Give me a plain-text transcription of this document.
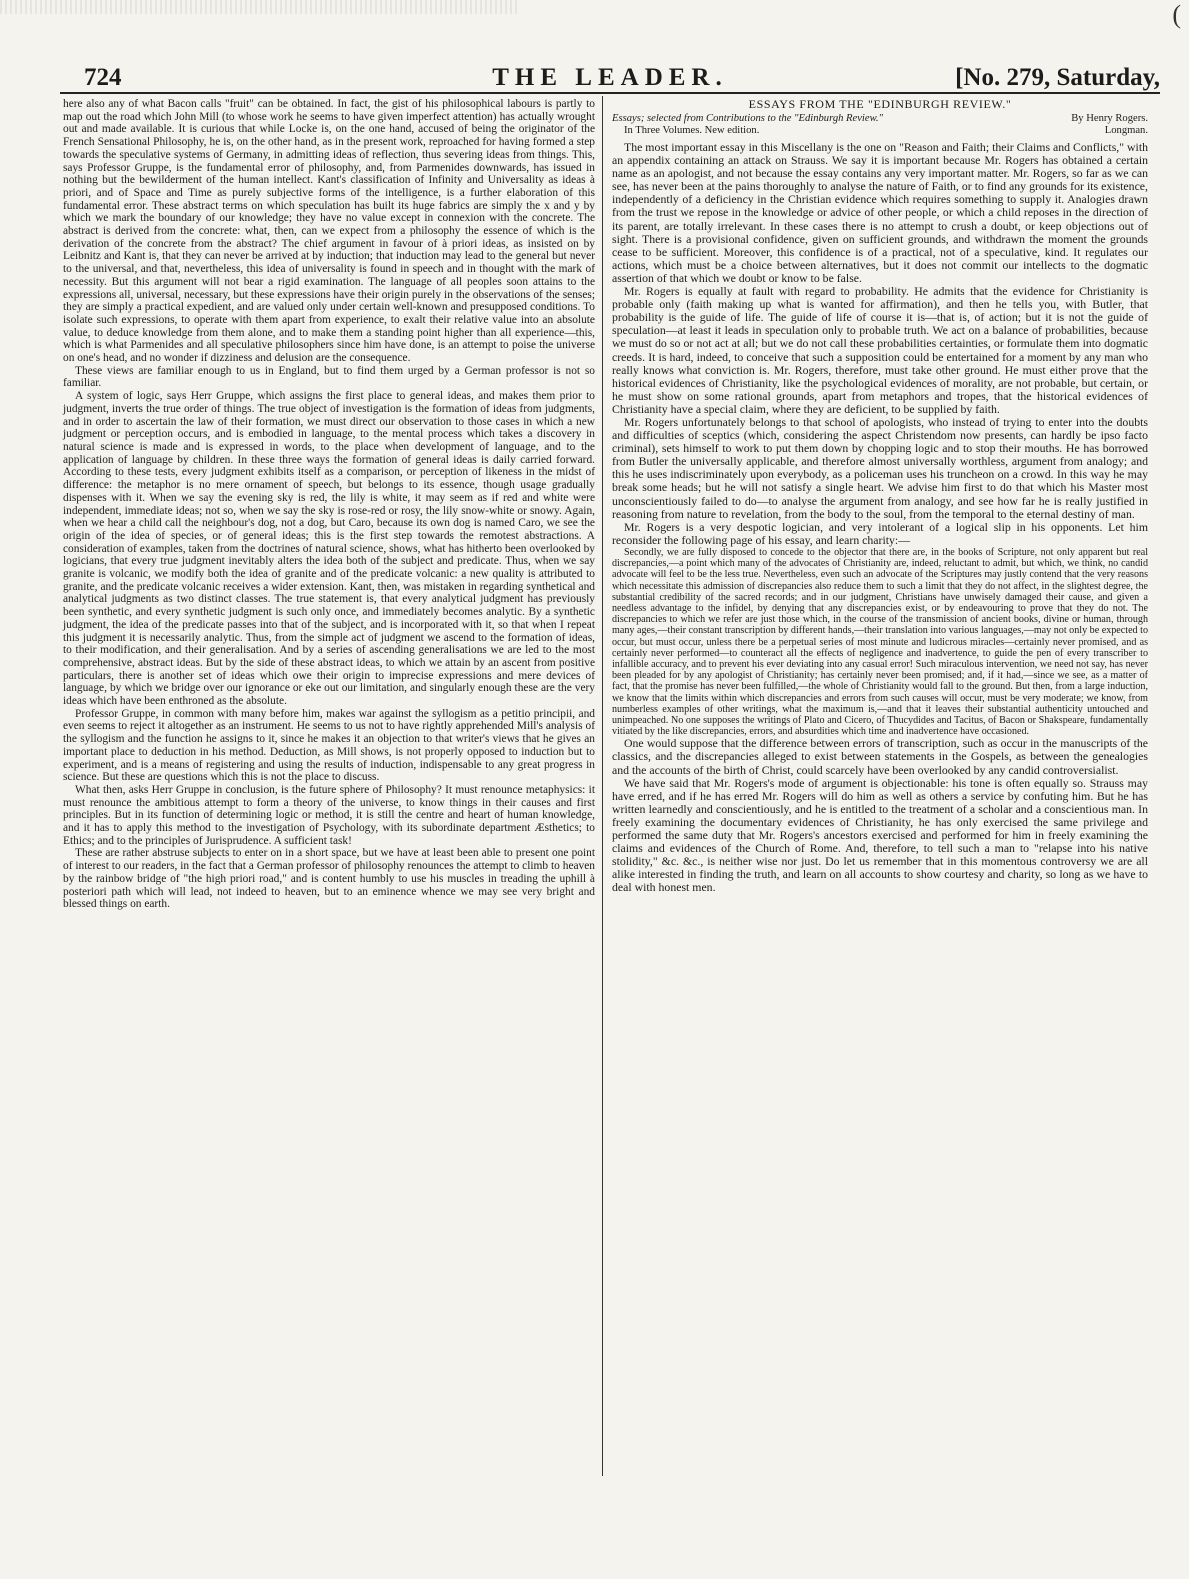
(
THE LEADER.
724	[No. 279, Saturday,

here also any of what Bacon calls "fruit" can be obtained. In fact, the gist of his philosophical labours is partly to map out the road which John Mill (to whose work he seems to have given imperfect attention) has actually wrought out and made available. It is curious that while Locke is, on the one hand, accused of being the originator of the French Sensational Philosophy, he is, on the other hand, as in the present work, reproached for having formed a step towards the speculative systems of Germany, in admitting ideas of reflection, thus severing ideas from things. This, says Professor Gruppe, is the fundamental error of philosophy, and, from Parmenides downwards, has issued in nothing but the bewilderment of the human intellect. Kant's classification of Infinity and Universality as ideas à priori, and of Space and Time as purely subjective forms of the intelligence, is a further elaboration of this fundamental error. These abstract terms on which speculation has built its huge fabrics are simply the x and y by which we mark the boundary of our knowledge; they have no value except in connexion with the concrete. The abstract is derived from the concrete: what, then, can we expect from a philosophy the essence of which is the derivation of the concrete from the abstract? The chief argument in favour of à priori ideas, as insisted on by Leibnitz and Kant is, that they can never be arrived at by induction; that induction may lead to the general but never to the universal, and that, nevertheless, this idea of universality is found in speech and in thought with the mark of necessity. But this argument will not bear a rigid examination. The language of all peoples soon attains to the expressions all, universal, necessary, but these expressions have their origin purely in the observations of the senses; they are simply a practical expedient, and are valued only under certain well-known and presupposed conditions. To isolate such expressions, to operate with them apart from experience, to exalt their relative value into an absolute value, to deduce knowledge from them alone, and to make them a standing point higher than all experience—this, which is what Parmenides and all speculative philosophers since him have done, is an attempt to poise the universe on one's head, and no wonder if dizziness and delusion are the consequence.

These views are familiar enough to us in England, but to find them urged by a German professor is not so familiar.

A system of logic, says Herr Gruppe, which assigns the first place to general ideas, and makes them prior to judgment, inverts the true order of things. The true object of investigation is the formation of ideas from judgments, and in order to ascertain the law of their formation, we must direct our observation to those cases in which a new judgment or perception occurs, and is embodied in language, to the mental process which takes a discovery in natural science is made and is expressed in words, to the place when development of language, and to the application of language by children. In these three ways the formation of general ideas is daily carried forward. According to these tests, every judgment exhibits itself as a comparison, or perception of likeness in the midst of difference: the metaphor is no mere ornament of speech, but belongs to its essence, though usage gradually dispenses with it. When we say the evening sky is red, the lily is white, it may seem as if red and white were independent, immediate ideas; not so, when we say the sky is rose-red or rosy, the lily snow-white or snowy. Again, when we hear a child call the neighbour's dog, not a dog, but Caro, because its own dog is named Caro, we see the origin of the idea of species, or of general ideas; this is the first step towards the remotest abstractions. A consideration of examples, taken from the doctrines of natural science, shows, what has hitherto been overlooked by logicians, that every true judgment inevitably alters the idea both of the subject and predicate. Thus, when we say granite is volcanic, we modify both the idea of granite and of the predicate volcanic: a new quality is attributed to granite, and the predicate volcanic receives a wider extension. Kant, then, was mistaken in regarding synthetical and analytical judgments as two distinct classes. The true statement is, that every analytical judgment has previously been synthetic, and every synthetic judgment is such only once, and immediately becomes analytic. By a synthetic judgment, the idea of the predicate passes into that of the subject, and is incorporated with it, so that when I repeat this judgment it is necessarily analytic. Thus, from the simple act of judgment we ascend to the formation of ideas, to their modification, and their generalisation. And by a series of ascending generalisations we are led to the most comprehensive, abstract ideas. But by the side of these abstract ideas, to which we attain by an ascent from positive particulars, there is another set of ideas which owe their origin to imprecise expressions and mere devices of language, by which we bridge over our ignorance or eke out our limitation, and singularly enough these are the very ideas which have been enthroned as the absolute.

Professor Gruppe, in common with many before him, makes war against the syllogism as a petitio principii, and even seems to reject it altogether as an instrument. He seems to us not to have rightly apprehended Mill's analysis of the syllogism and the function he assigns to it, since he makes it an objection to that writer's views that he gives an important place to deduction in his method. Deduction, as Mill shows, is not properly opposed to induction but to experiment, and is a means of registering and using the results of induction, indispensable to any great progress in science. But these are questions which this is not the place to discuss.

What then, asks Herr Gruppe in conclusion, is the future sphere of Philosophy? It must renounce metaphysics: it must renounce the ambitious attempt to form a theory of the universe, to know things in their causes and first principles. But in its function of determining logic or method, it is still the centre and heart of human knowledge, and it has to apply this method to the investigation of Psychology, with its subordinate department Æsthetics; to Ethics; and to the principles of Jurisprudence. A sufficient task!

These are rather abstruse subjects to enter on in a short space, but we have at least been able to present one point of interest to our readers, in the fact that a German professor of philosophy renounces the attempt to climb to heaven by the rainbow bridge of "the high priori road," and is content humbly to use his muscles in treading the uphill à posteriori path which will lead, not indeed to heaven, but to an eminence whence we may see very bright and blessed things on earth.

ESSAYS FROM THE "EDINBURGH REVIEW."
By Henry Rogers.
Essays; selected from Contributions to the "Edinburgh Review."
Longman.
In Three Volumes. New edition.

The most important essay in this Miscellany is the one on "Reason and Faith; their Claims and Conflicts," with an appendix containing an attack on Strauss. We say it is important because Mr. Rogers has obtained a certain name as an apologist, and not because the essay contains any very important matter. Mr. Rogers, so far as we can see, has never been at the pains thoroughly to analyse the nature of Faith, or to find any grounds for its existence, independently of a deficiency in the Christian evidence which requires something to supply it. Analogies drawn from the trust we repose in the knowledge or advice of other people, or which a child reposes in the direction of its parent, are totally irrelevant. In these cases there is no attempt to crush a doubt, or keep objections out of sight. There is a provisional confidence, given on sufficient grounds, and withdrawn the moment the grounds cease to be sufficient. Moreover, this confidence is of a practical, not of a speculative, kind. It regulates our actions, which must be a choice between alternatives, but it does not commit our intellects to the dogmatic assertion of that which we doubt or know to be false.

Mr. Rogers is equally at fault with regard to probability. He admits that the evidence for Christianity is probable only (faith making up what is wanted for affirmation), and then he tells you, with Butler, that probability is the guide of life. The guide of life of course it is—that is, of action; but it is not the guide of speculation—at least it leads in speculation only to probable truth. We act on a balance of probabilities, because we must do so or not act at all; but we do not call these probabilities certainties, or formulate them into dogmatic creeds. It is hard, indeed, to conceive that such a supposition could be entertained for a moment by any man who really knows what conviction is. Mr. Rogers, therefore, must take other ground. He must either prove that the historical evidences of Christianity, like the psychological evidences of morality, are not probable, but certain, or he must show on some rational grounds, apart from metaphors and tropes, that the historical evidences of Christianity have a special claim, where they are deficient, to be supplied by faith.

Mr. Rogers unfortunately belongs to that school of apologists, who instead of trying to enter into the doubts and difficulties of sceptics (which, considering the aspect Christendom now presents, can hardly be ipso facto criminal), sets himself to work to put them down by chopping logic and to stop their mouths. He has borrowed from Butler the universally applicable, and therefore almost universally worthless, argument from analogy; and this he uses indiscriminately upon everybody, as a policeman uses his truncheon on a crowd. In this way he may break some heads; but he will not satisfy a single heart. We advise him first to do that which his Master most unconscientiously failed to do—to analyse the argument from analogy, and see how far he is really justified in reasoning from nature to revelation, from the body to the soul, from the temporal to the eternal destiny of man.

Mr. Rogers is a very despotic logician, and very intolerant of a logical slip in his opponents. Let him reconsider the following page of his essay, and learn charity:—

Secondly, we are fully disposed to concede to the objector that there are, in the books of Scripture, not only apparent but real discrepancies,—a point which many of the advocates of Christianity are, indeed, reluctant to admit, but which, we think, no candid advocate will feel to be the less true. Nevertheless, even such an advocate of the Scriptures may justly contend that the very reasons which necessitate this admission of discrepancies also reduce them to such a limit that they do not affect, in the slightest degree, the substantial credibility of the sacred records; and in our judgment, Christians have unwisely damaged their cause, and given a needless advantage to the infidel, by denying that any discrepancies exist, or by endeavouring to prove that they do not. The discrepancies to which we refer are just those which, in the course of the transmission of ancient books, divine or human, through many ages,—their constant transcription by different hands,—their translation into various languages,—may not only be expected to occur, but must occur, unless there be a perpetual series of most minute and ludicrous miracles—certainly never promised, and as certainly never performed—to counteract all the effects of negligence and inadvertence, to guide the pen of every transcriber to infallible accuracy, and to prevent his ever deviating into any casual error! Such miraculous intervention, we need not say, has never been pleaded for by any apologist of Christianity; has certainly never been promised; and, if it had,—since we see, as a matter of fact, that the promise has never been fulfilled,—the whole of Christianity would fall to the ground. But then, from a large induction, we know that the limits within which discrepancies and errors from such causes will occur, must be very moderate; we know, from numberless examples of other writings, what the maximum is,—and that it leaves their substantial authenticity untouched and unimpeached. No one supposes the writings of Plato and Cicero, of Thucydides and Tacitus, of Bacon or Shakspeare, fundamentally vitiated by the like discrepancies, errors, and absurdities which time and inadvertence have occasioned.

One would suppose that the difference between errors of transcription, such as occur in the manuscripts of the classics, and the discrepancies alleged to exist between statements in the Gospels, as between the genealogies and the accounts of the birth of Christ, could scarcely have been overlooked by any candid controversialist.

We have said that Mr. Rogers's mode of argument is objectionable: his tone is often equally so. Strauss may have erred, and if he has erred Mr. Rogers will do him as well as others a service by confuting him. But he has written learnedly and conscientiously, and he is entitled to the treatment of a scholar and a conscientious man. In freely examining the documentary evidences of Christianity, he has only exercised the same privilege and performed the same duty that Mr. Rogers's ancestors exercised and performed for him in freely examining the claims and evidences of the Church of Rome. And, therefore, to tell such a man to "relapse into his native stolidity," &c. &c., is neither wise nor just. Do let us remember that in this momentous controversy we are all alike interested in finding the truth, and learn on all accounts to show courtesy and charity, so long as we have to deal with honest men.
